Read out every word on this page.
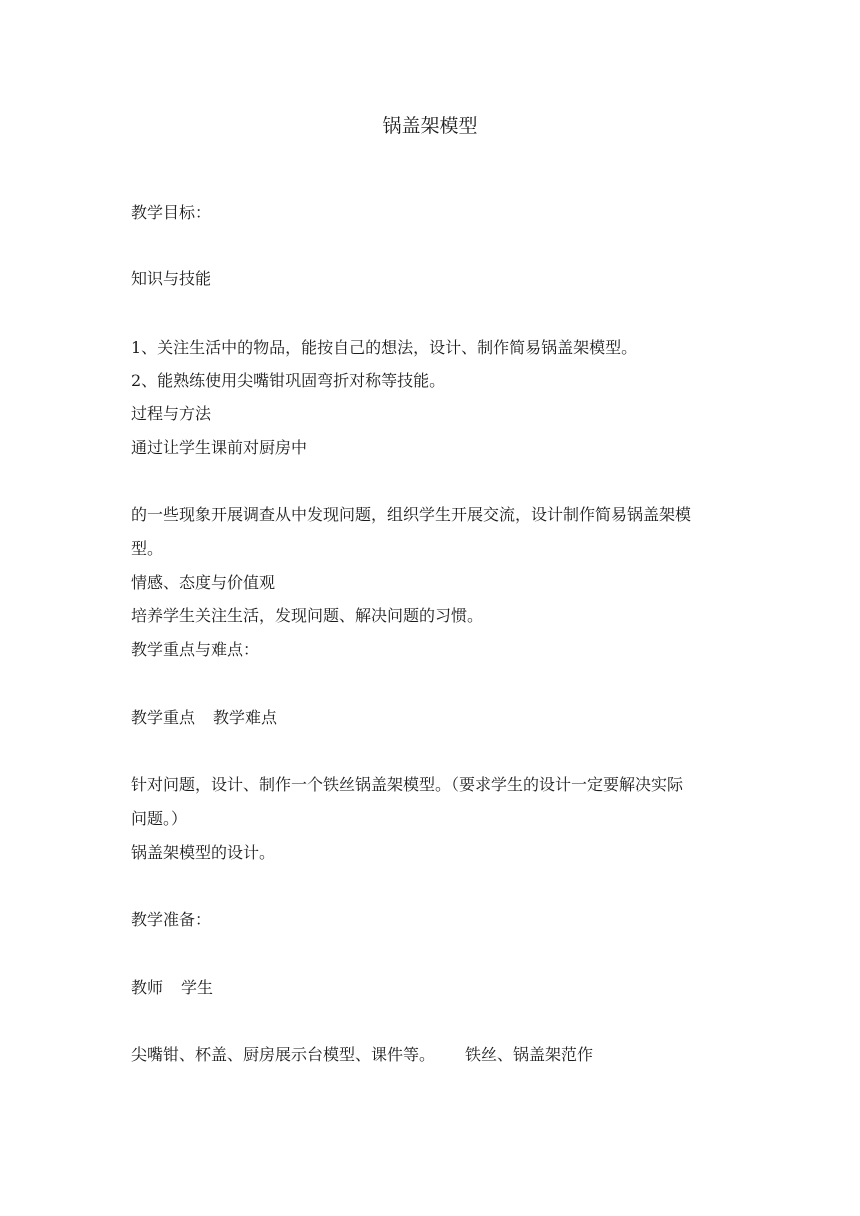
锅盖架模型
教学目标：
知识与技能
1、关注生活中的物品，能按自己的想法，设计、制作简易锅盖架模型。
2、能熟练使用尖嘴钳巩固弯折对称等技能。
过程与方法
通过让学生课前对厨房中
的一些现象开展调查从中发现问题，组织学生开展交流，设计制作简易锅盖架模
型。
情感、态度与价值观
培养学生关注生活，发现问题、解决问题的习惯。
教学重点与难点：
教学重点 教学难点
针对问题，设计、制作一个铁丝锅盖架模型。（要求学生的设计一定要解决实际
问题。）
锅盖架模型的设计。
教学准备：
教师 学生
尖嘴钳、杯盖、厨房展示台模型、课件等。 铁丝、锅盖架范作
